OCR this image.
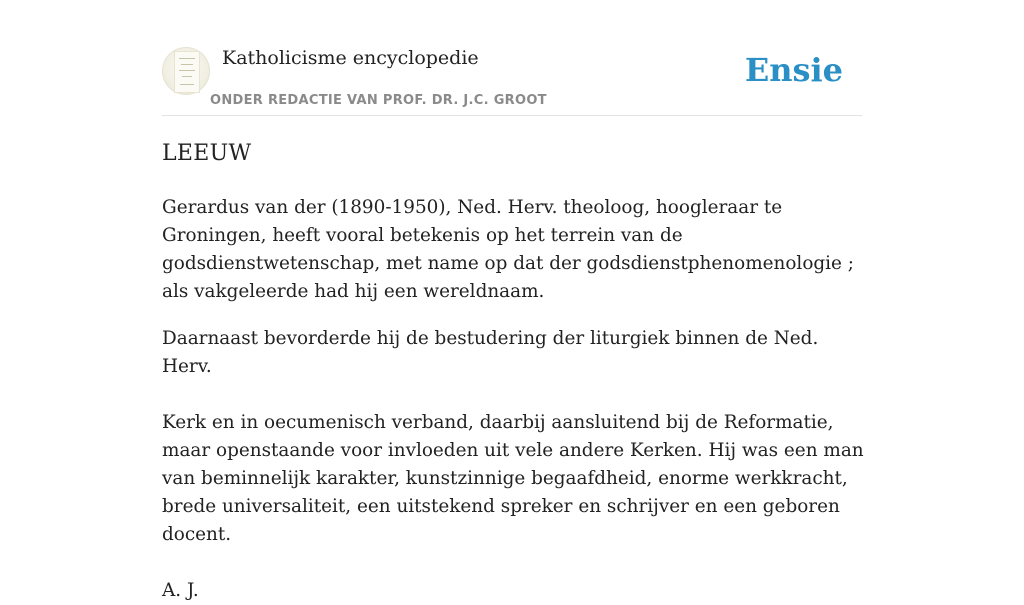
Katholicisme encyclopedie
ONDER REDACTIE VAN PROF. DR. J.C. GROOT
Ensie
LEEUW

Gerardus van der (1890-1950), Ned. Herv. theoloog, hoogleraar te Groningen, heeft vooral betekenis op het terrein van de godsdienstwetenschap, met name op dat der godsdienstphenomenologie ; als vakgeleerde had hij een wereldnaam.

Daarnaast bevorderde hij de bestudering der liturgiek binnen de Ned. Herv.

Kerk en in oecumenisch verband, daarbij aansluitend bij de Reformatie, maar openstaande voor invloeden uit vele andere Kerken. Hij was een man van beminnelijk karakter, kunstzinnige begaafdheid, enorme werkkracht, brede universaliteit, een uitstekend spreker en schrijver en een geboren docent.

A. J.
